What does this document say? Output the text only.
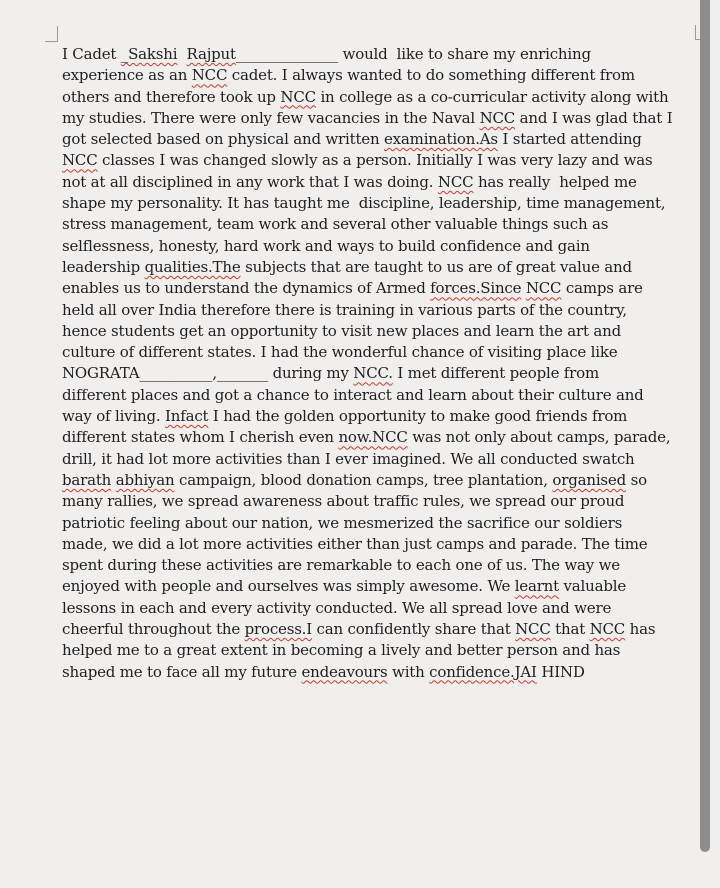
I Cadet _Sakshi Rajput______________ would  like to share my enriching
experience as an NCC cadet. I always wanted to do something different from
others and therefore took up NCC in college as a co-curricular activity along with
my studies. There were only few vacancies in the Naval NCC and I was glad that I
got selected based on physical and written examination.As I started attending
NCC classes I was changed slowly as a person. Initially I was very lazy and was
not at all disciplined in any work that I was doing. NCC has really  helped me
shape my personality. It has taught me  discipline, leadership, time management,
stress management, team work and several other valuable things such as
selflessness, honesty, hard work and ways to build confidence and gain
leadership qualities.The subjects that are taught to us are of great value and
enables us to understand the dynamics of Armed forces.Since NCC camps are
held all over India therefore there is training in various parts of the country,
hence students get an opportunity to visit new places and learn the art and
culture of different states. I had the wonderful chance of visiting place like
NOGRATA__________,_______ during my NCC. I met different people from
different places and got a chance to interact and learn about their culture and
way of living. Infact I had the golden opportunity to make good friends from
different states whom I cherish even now.NCC was not only about camps, parade,
drill, it had lot more activities than I ever imagined. We all conducted swatch
barath abhiyan campaign, blood donation camps, tree plantation, organised so
many rallies, we spread awareness about traffic rules, we spread our proud
patriotic feeling about our nation, we mesmerized the sacrifice our soldiers
made, we did a lot more activities either than just camps and parade. The time
spent during these activities are remarkable to each one of us. The way we
enjoyed with people and ourselves was simply awesome. We learnt valuable
lessons in each and every activity conducted. We all spread love and were
cheerful throughout the process.I can confidently share that NCC that NCC has
helped me to a great extent in becoming a lively and better person and has
shaped me to face all my future endeavours with confidence.JAI HIND
